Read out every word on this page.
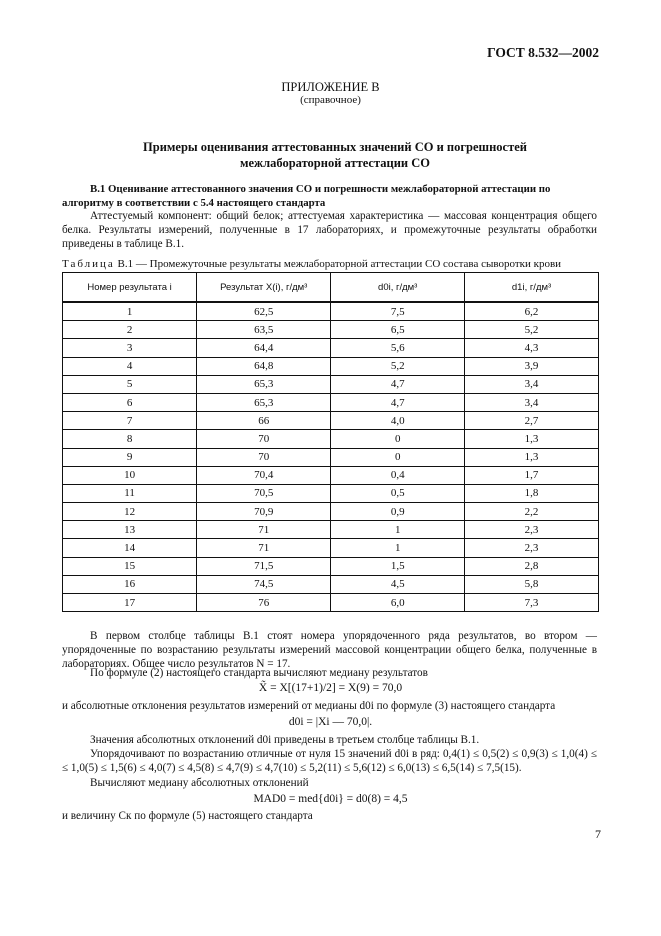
ГОСТ 8.532—2002
ПРИЛОЖЕНИЕ В
(справочное)
Примеры оценивания аттестованных значений СО и погрешностей межлабораторной аттестации СО
В.1 Оценивание аттестованного значения СО и погрешности межлабораторной аттестации по алгоритму в соответствии с 5.4 настоящего стандарта
Аттестуемый компонент: общий белок; аттестуемая характеристика — массовая концентрация общего белка. Результаты измерений, полученные в 17 лабораториях, и промежуточные результаты обработки приведены в таблице В.1.
Таблица В.1 — Промежуточные результаты межлабораторной аттестации СО состава сыворотки крови
Номер результата i	Результат X(i), г/дм³	d0i, г/дм³	d1i, г/дм³
1	62,5	7,5	6,2
2	63,5	6,5	5,2
3	64,4	5,6	4,3
4	64,8	5,2	3,9
5	65,3	4,7	3,4
6	65,3	4,7	3,4
7	66	4,0	2,7
8	70	0	1,3
9	70	0	1,3
10	70,4	0,4	1,7
11	70,5	0,5	1,8
12	70,9	0,9	2,2
13	71	1	2,3
14	71	1	2,3
15	71,5	1,5	2,8
16	74,5	4,5	5,8
17	76	6,0	7,3
В первом столбце таблицы В.1 стоят номера упорядоченного ряда результатов, во втором — упорядоченные по возрастанию результаты измерений массовой концентрации общего белка, полученные в лабораториях. Общее число результатов N = 17.
По формуле (2) настоящего стандарта вычисляют медиану результатов
X̃ = X[(17+1)/2] = X(9) = 70,0
и абсолютные отклонения результатов измерений от медианы d0i по формуле (3) настоящего стандарта
d0i = |Xi — 70,0|.
Значения абсолютных отклонений d0i приведены в третьем столбце таблицы В.1.
Упорядочивают по возрастанию отличные от нуля 15 значений d0i в ряд: 0,4(1) ≤ 0,5(2) ≤ 0,9(3) ≤ 1,0(4) ≤ ≤ 1,0(5) ≤ 1,5(6) ≤ 4,0(7) ≤ 4,5(8) ≤ 4,7(9) ≤ 4,7(10) ≤ 5,2(11) ≤ 5,6(12) ≤ 6,0(13) ≤ 6,5(14) ≤ 7,5(15).
Вычисляют медиану абсолютных отклонений
MAD0 = med{d0i} = d0(8) = 4,5
и величину Cк по формуле (5) настоящего стандарта
7
